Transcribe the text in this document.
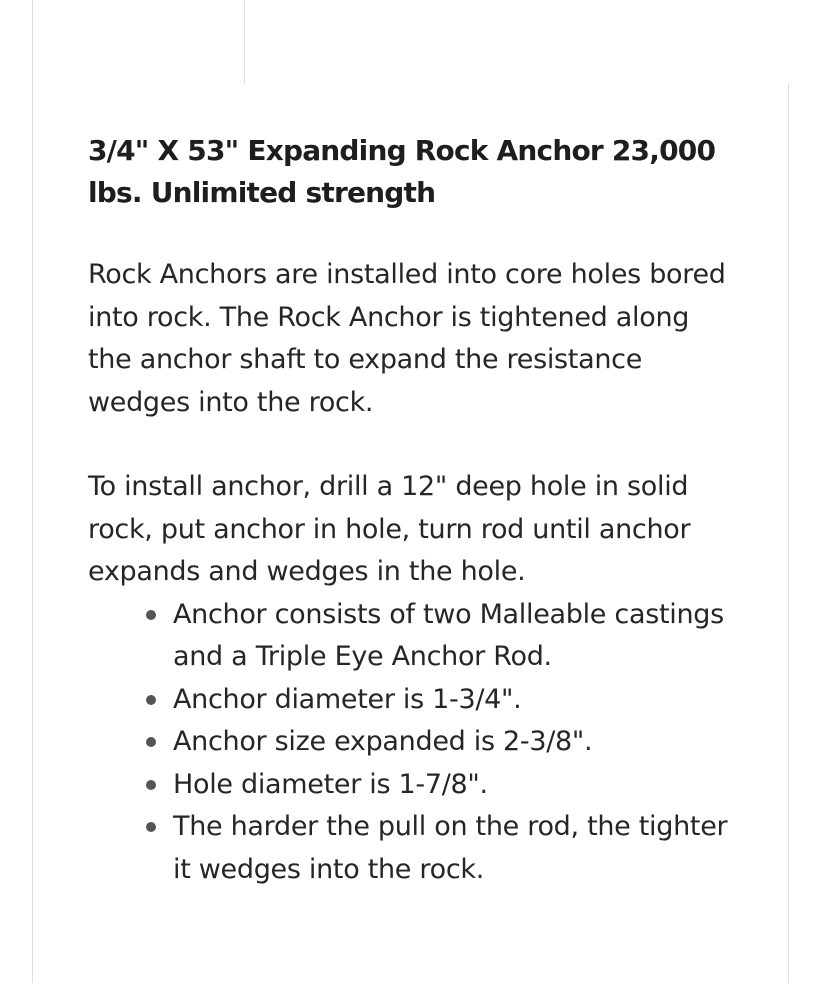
3/4" X 53" Expanding Rock Anchor 23,000 lbs. Unlimited strength

Rock Anchors are installed into core holes bored into rock. The Rock Anchor is tightened along the anchor shaft to expand the resistance wedges into the rock.

To install anchor, drill a 12" deep hole in solid rock, put anchor in hole, turn rod until anchor expands and wedges in the hole.

Anchor consists of two Malleable castings and a Triple Eye Anchor Rod.
Anchor diameter is 1-3/4".
Anchor size expanded is 2-3/8".
Hole diameter is 1-7/8".
The harder the pull on the rod, the tighter it wedges into the rock.
